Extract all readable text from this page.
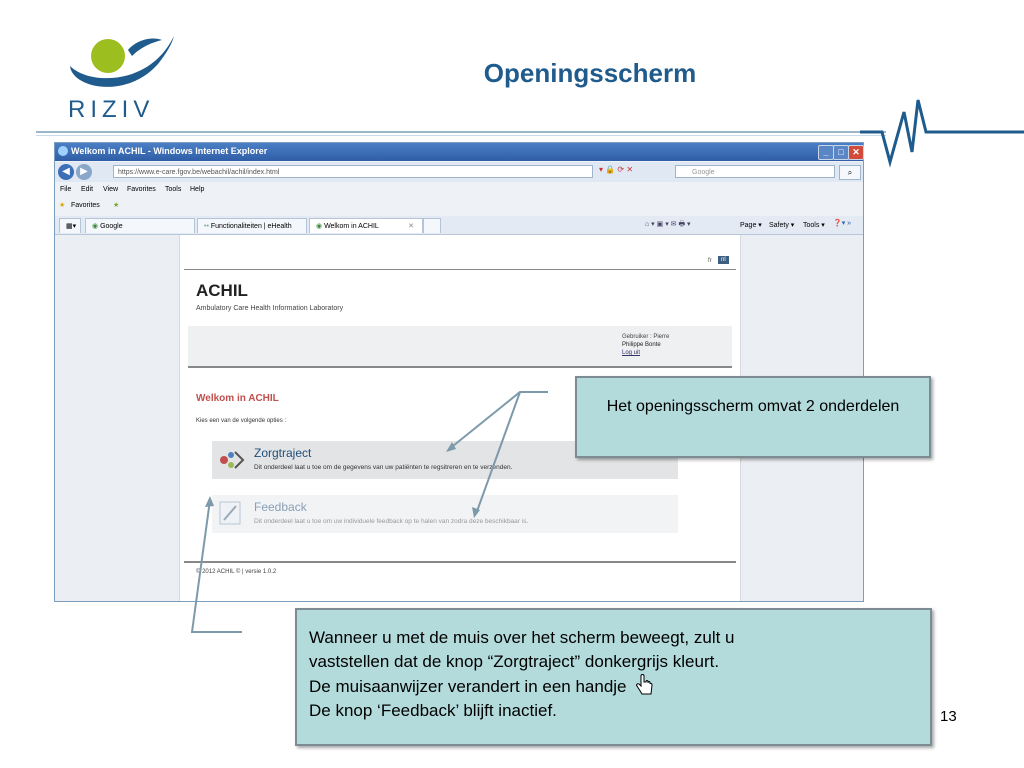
RIZIV
Openingsscherm
Welkom in ACHIL - Windows Internet Explorer	_	□ ✕
◀	▶	https://www.e-care.fgov.be/webachil/achil/index.html	▾ 🔒 ⟳ ✕	Google	⌕
File Edit View Favorites Tools Help
★ Favorites ★
▦▾	◉ Google	•• Functionaliteiten | eHealth	◉ Welkom in ACHIL	✕	⌂ ▾ ▣ ▾ ✉ 🖶 ▾	Page ▾ Safety ▾ Tools ▾ ❓▾ »
fr	nl
ACHIL
Ambulatory Care Health Information Laboratory
Gebruiker : Pierre
Philippe Bonte
Log uit
Welkom in ACHIL
Kies een van de volgende opties :
Zorgtraject
Dit onderdeel laat u toe om de gegevens van uw patiënten te regsitreren en te verzenden.
Feedback
Dit onderdeel laat u toe om uw individuele feedback op te halen van zodra deze beschikbaar is.
© 2012 ACHIL © | versie 1.0.2
Het openingsscherm omvat 2 onderdelen
Wanneer u met de muis over het scherm beweegt, zult u
vaststellen dat de knop “Zorgtraject” donkergrijs kleurt.
De muisaanwijzer verandert in een handje
De knop ‘Feedback’ blijft inactief.	13
